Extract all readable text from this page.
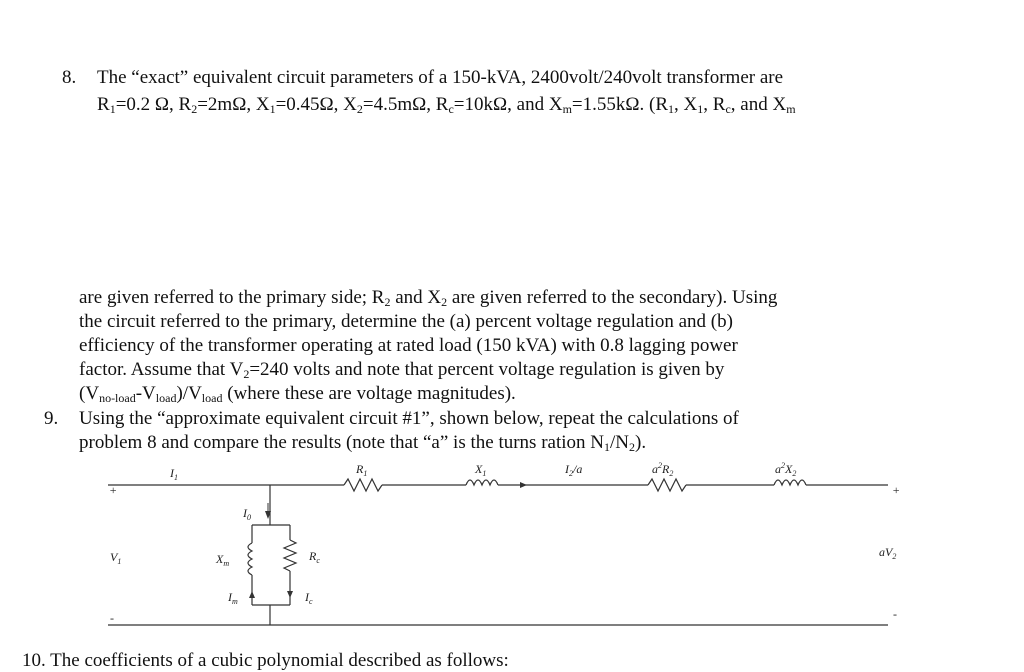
8. The “exact” equivalent circuit parameters of a 150-kVA, 2400volt/240volt transformer are
$R_1=0.2$ Ω, $R_2=2m\Omega$, $X_1=0.45\Omega$, $X_2=4.5m\Omega$, $R_c=10k\Omega$, and $X_m=1.55k\Omega$. ($R_1$, $X_1$, $R_c$, and $X_m$
are given referred to the primary side; $R_2$ and $X_2$ are given referred to the secondary). Using
the circuit referred to the primary, determine the (a) percent voltage regulation and (b)
efficiency of the transformer operating at rated load (150 kVA) with 0.8 lagging power
factor. Assume that $V_2=240$ volts and note that percent voltage regulation is given by
$(V_{no-load}-V_{load})/V_{load}$ (where these are voltage magnitudes).
9. Using the “approximate equivalent circuit #1”, shown below, repeat the calculations of
problem 8 and compare the results (note that “a” is the turns ration $N_1/N_2$).
+
-
+
-
$I_1$
$R_1$	$X_1$	$I_2/a$	$a^2R_2$	$a^2X_2$
$I_0$
$X_m$
$R_c$
$I_m$	$I_c$
$V_1$
$aV_2$
10. The coefficients of a cubic polynomial described as follows:
